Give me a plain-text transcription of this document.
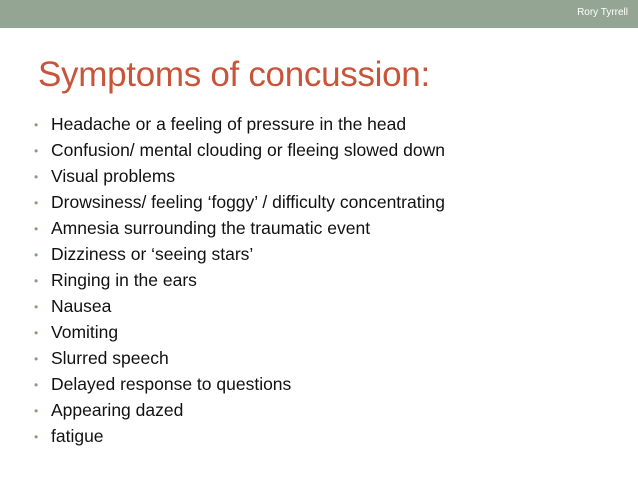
Rory Tyrrell
Symptoms of concussion:
• Headache or a feeling of pressure in the head
• Confusion/ mental clouding or fleeing slowed down
• Visual problems
• Drowsiness/ feeling ‘foggy’ / difficulty concentrating
• Amnesia surrounding the traumatic event
• Dizziness or ‘seeing stars’
• Ringing in the ears
• Nausea
• Vomiting
• Slurred speech
• Delayed response to questions
• Appearing dazed
• fatigue
